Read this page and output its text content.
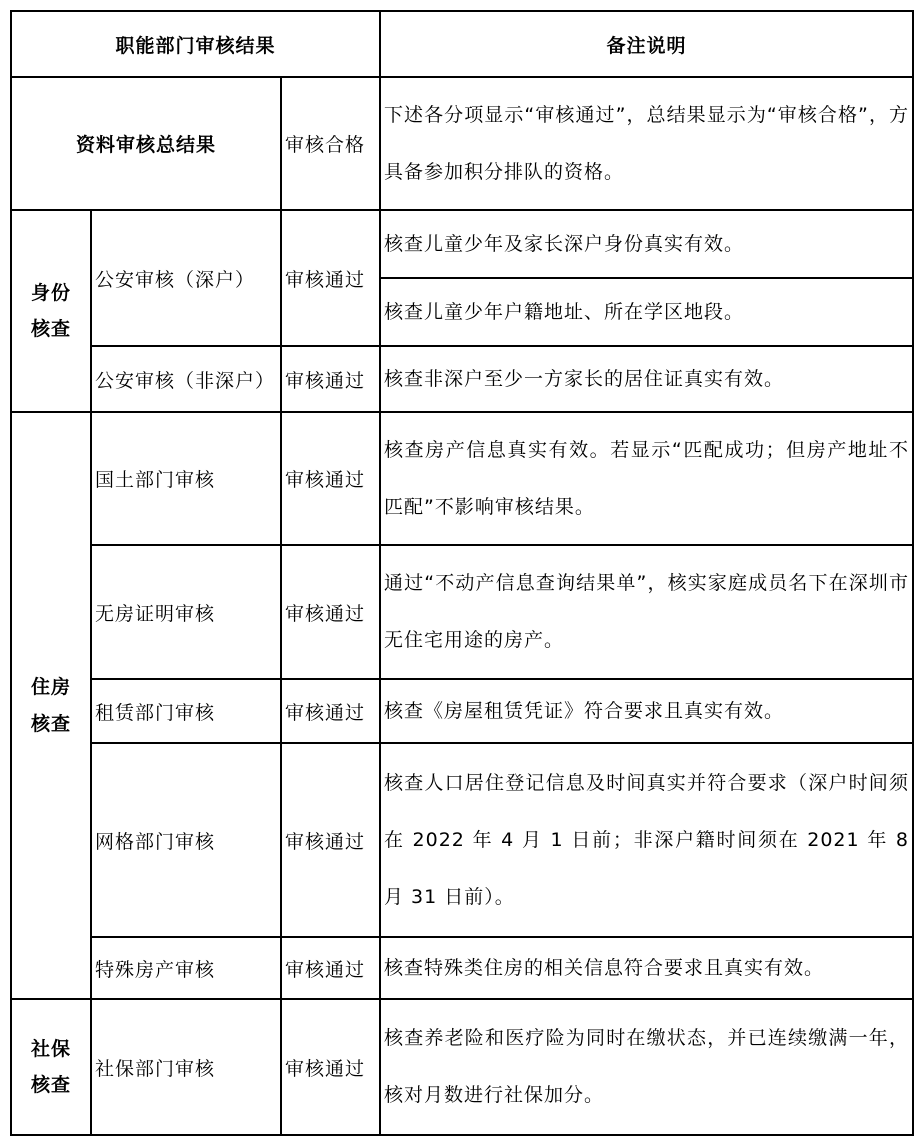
职能部门审核结果			备注说明
资料审核总结果		审核合格	下述各分项显示“审核通过”，总结果显示为“审核合格”，方具备参加积分排队的资格。

身份
核查	公安审核（深户）	审核通过	核查儿童少年及家长深户身份真实有效。
			核查儿童少年户籍地址、所在学区地段。
	公安审核（非深户）	审核通过	核查非深户至少一方家长的居住证真实有效。

住房
核查	国土部门审核	审核通过	核查房产信息真实有效。若显示“匹配成功；但房产地址不匹配”不影响审核结果。
	无房证明审核	审核通过	通过“不动产信息查询结果单”，核实家庭成员名下在深圳市无住宅用途的房产。
	租赁部门审核	审核通过	核查《房屋租赁凭证》符合要求且真实有效。
	网格部门审核	审核通过	核查人口居住登记信息及时间真实并符合要求（深户时间须在 2022 年 4 月 1 日前；非深户籍时间须在 2021 年 8 月 31 日前）。
	特殊房产审核	审核通过	核查特殊类住房的相关信息符合要求且真实有效。

社保
核查	社保部门审核	审核通过	核查养老险和医疗险为同时在缴状态，并已连续缴满一年，核对月数进行社保加分。
